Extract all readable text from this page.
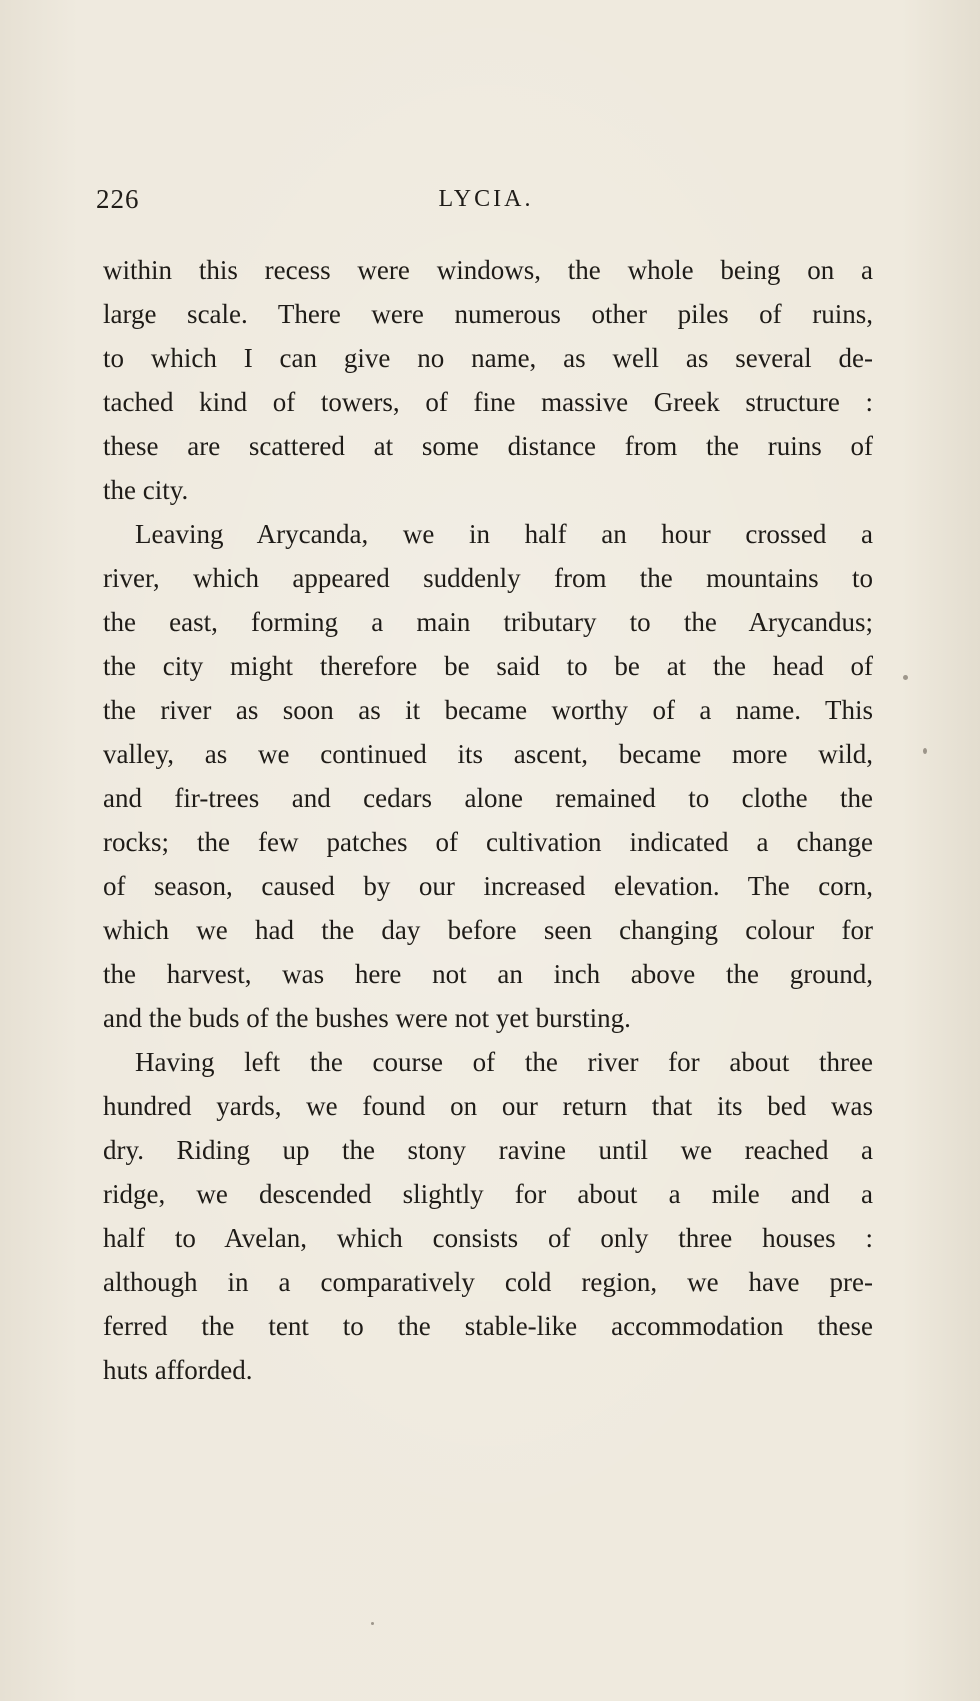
226	LYCIA.
within this recess were windows, the whole being on a
large scale. There were numerous other piles of ruins,
to which I can give no name, as well as several de-
tached kind of towers, of fine massive Greek structure :
these are scattered at some distance from the ruins of
the city.
Leaving Arycanda, we in half an hour crossed a
river, which appeared suddenly from the mountains to
the east, forming a main tributary to the Arycandus;
the city might therefore be said to be at the head of
the river as soon as it became worthy of a name. This
valley, as we continued its ascent, became more wild,
and fir-trees and cedars alone remained to clothe the
rocks; the few patches of cultivation indicated a change
of season, caused by our increased elevation. The corn,
which we had the day before seen changing colour for
the harvest, was here not an inch above the ground,
and the buds of the bushes were not yet bursting.
Having left the course of the river for about three
hundred yards, we found on our return that its bed was
dry. Riding up the stony ravine until we reached a
ridge, we descended slightly for about a mile and a
half to Avelan, which consists of only three houses :
although in a comparatively cold region, we have pre-
ferred the tent to the stable-like accommodation these
huts afforded.
